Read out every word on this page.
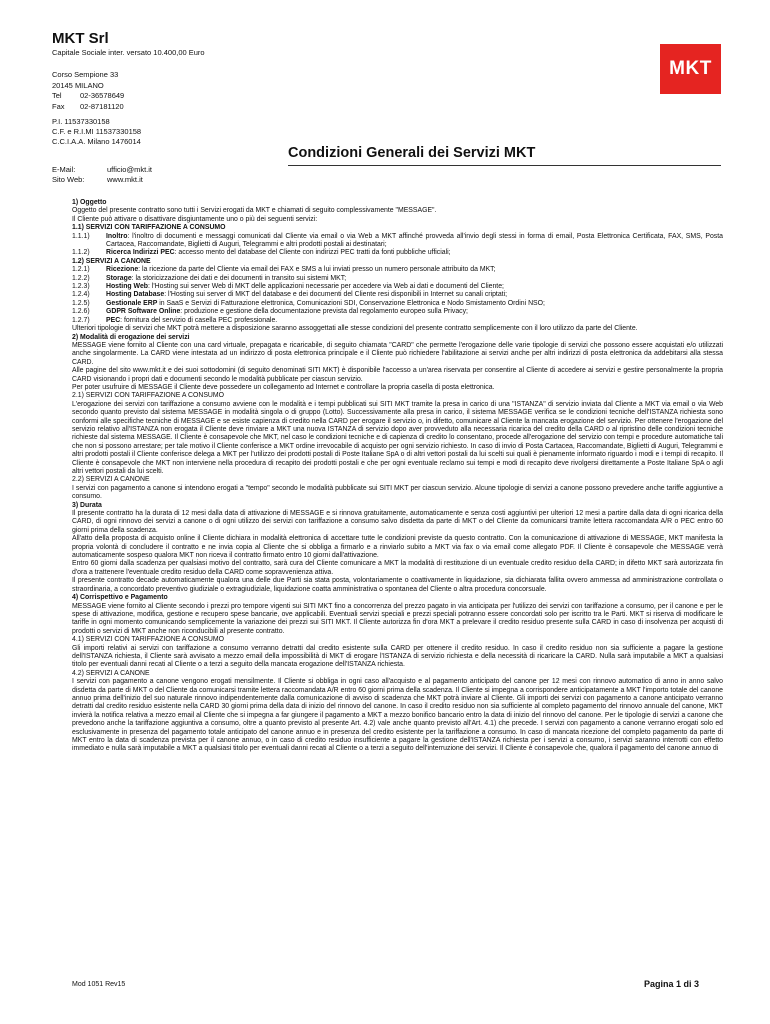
MKT Srl
Capitale Sociale inter. versato 10.400,00 Euro
Corso Sempione 33
20145 MILANO
Tel	02-36578649
Fax	02-87181120
P.I. 11537330158
C.F. e R.I.MI 11537330158
C.C.I.A.A. Milano 1476014
E-Mail:	ufficio@mkt.it
Sito Web:	www.mkt.it
MKT
Condizioni Generali dei Servizi MKT

1) Oggetto

Oggetto del presente contratto sono tutti i Servizi erogati da MKT e chiamati di seguito complessivamente "MESSAGE".

Il Cliente può attivare o disattivare disgiuntamente uno o più dei seguenti servizi:

1.1) SERVIZI CON TARIFFAZIONE A CONSUMO

1.1.1)	Inoltro: l'inoltro di documenti e messaggi comunicati dal Cliente via email o via Web a MKT affinché provveda all'invio degli stessi in forma di email, Posta Elettronica Certificata, FAX, SMS, Posta Cartacea, Raccomandate, Biglietti di Auguri, Telegrammi e altri prodotti postali ai destinatari;
1.1.2)	Ricerca Indirizzi PEC: accesso mento del database del Cliente con indirizzi PEC tratti da fonti pubbliche ufficiali;

1.2) SERVIZI A CANONE

1.2.1)	Ricezione: la ricezione da parte del Cliente via email dei FAX e SMS a lui inviati presso un numero personale attribuito da MKT;
1.2.2)	Storage: la storicizzazione dei dati e dei documenti in transito sui sistemi MKT;
1.2.3)	Hosting Web: l'Hosting sui server Web di MKT delle applicazioni necessarie per accedere via Web ai dati e documenti del Cliente;
1.2.4)	Hosting Database: l'Hosting sui server di MKT del database e dei documenti del Cliente resi disponibili in Internet su canali criptati;
1.2.5)	Gestionale ERP in SaaS e Servizi di Fatturazione elettronica, Comunicazioni SDI, Conservazione Elettronica e Nodo Smistamento Ordini NSO;
1.2.6)	GDPR Software Online: produzione e gestione della documentazione prevista dal regolamento europeo sulla Privacy;
1.2.7)	PEC: fornitura del servizio di casella PEC professionale.

Ulteriori tipologie di servizi che MKT potrà mettere a disposizione saranno assoggettati alle stesse condizioni del presente contratto semplicemente con il loro utilizzo da parte del Cliente.

2) Modalità di erogazione dei servizi

MESSAGE viene fornito al Cliente con una card virtuale, prepagata e ricaricabile, di seguito chiamata "CARD" che permette l'erogazione delle varie tipologie di servizi che possono essere acquistati e/o utilizzati anche singolarmente. La CARD viene intestata ad un indirizzo di posta elettronica principale e il Cliente può richiedere l'abilitazione ai servizi anche per altri indirizzi di posta elettronica da addebitarsi alla stessa CARD.

Alle pagine del sito www.mkt.it e dei suoi sottodomini (di seguito denominati SITI MKT) è disponibile l'accesso a un'area riservata per consentire al Cliente di accedere ai servizi e gestire personalmente la propria CARD visionando i propri dati e documenti secondo le modalità pubblicate per ciascun servizio.

Per poter usufruire di MESSAGE il Cliente deve possedere un collegamento ad Internet e controllare la propria casella di posta elettronica.

2.1) SERVIZI CON TARIFFAZIONE A CONSUMO

L'erogazione dei servizi con tariffazione a consumo avviene con le modalità e i tempi pubblicati sui SITI MKT tramite la presa in carico di una "ISTANZA" di servizio inviata dal Cliente a MKT via email o via Web secondo quanto previsto dal sistema MESSAGE in modalità singola o di gruppo (Lotto). Successivamente alla presa in carico, il sistema MESSAGE verifica se le condizioni tecniche dell'ISTANZA richiesta sono conformi alle specifiche tecniche di MESSAGE e se esiste capienza di credito nella CARD per erogare il servizio o, in difetto, comunicare al Cliente la mancata erogazione del servizio. Per ottenere l'erogazione del servizio relativo all'ISTANZA non erogata il Cliente deve rinviare a MKT una nuova ISTANZA di servizio dopo aver provveduto alla necessaria ricarica del credito della CARD o al ripristino delle condizioni tecniche richieste dal sistema MESSAGE. Il Cliente è consapevole che MKT, nel caso le condizioni tecniche e di capienza di credito lo consentano, procede all'erogazione del servizio con tempi e procedure automatiche tali che non si possono arrestare; per tale motivo il Cliente conferisce a MKT ordine irrevocabile di acquisto per ogni servizio richiesto. In caso di invio di Posta Cartacea, Raccomandate, Biglietti di Auguri, Telegrammi e altri prodotti postali il Cliente conferisce delega a MKT per l'utilizzo dei prodotti postali di Poste Italiane SpA o di altri vettori postali da lui scelti sui quali è pienamente informato riguardo i modi e i tempi di recapito. Il Cliente è consapevole che MKT non interviene nella procedura di recapito dei prodotti postali e che per ogni eventuale reclamo sui tempi e modi di recapito deve rivolgersi direttamente a Poste Italiane SpA o agli altri vettori postali da lui scelti.

2.2) SERVIZI A CANONE

I servizi con pagamento a canone si intendono erogati a "tempo" secondo le modalità pubblicate sui SITI MKT per ciascun servizio. Alcune tipologie di servizi a canone possono prevedere anche tariffe aggiuntive a consumo.

3) Durata

Il presente contratto ha la durata di 12 mesi dalla data di attivazione di MESSAGE e si rinnova gratuitamente, automaticamente e senza costi aggiuntivi per ulteriori 12 mesi a partire dalla data di ogni ricarica della CARD, di ogni rinnovo dei servizi a canone o di ogni utilizzo dei servizi con tariffazione a consumo salvo disdetta da parte di MKT o del Cliente da comunicarsi tramite lettera raccomandata A/R o PEC entro 60 giorni prima della scadenza.

All'atto della proposta di acquisto online il Cliente dichiara in modalità elettronica di accettare tutte le condizioni previste da questo contratto. Con la comunicazione di attivazione di MESSAGE, MKT manifesta la propria volontà di concludere il contratto e ne invia copia al Cliente che si obbliga a firmarlo e a rinviarlo subito a MKT via fax o via email come allegato PDF. Il Cliente è consapevole che MESSAGE verrà automaticamente sospeso qualora MKT non riceva il contratto firmato entro 10 giorni dall'attivazione.

Entro 60 giorni dalla scadenza per qualsiasi motivo del contratto, sarà cura del Cliente comunicare a MKT la modalità di restituzione di un eventuale credito residuo della CARD; in difetto MKT sarà autorizzata fin d'ora a trattenere l'eventuale credito residuo della CARD come sopravvenienza attiva.

Il presente contratto decade automaticamente qualora una delle due Parti sia stata posta, volontariamente o coattivamente in liquidazione, sia dichiarata fallita ovvero ammessa ad amministrazione controllata o straordinaria, a concordato preventivo giudiziale o extragiudiziale, liquidazione coatta amministrativa o spontanea del Cliente o altra procedura concorsuale.

4) Corrispettivo e Pagamento

MESSAGE viene fornito al Cliente secondo i prezzi pro tempore vigenti sui SITI MKT fino a concorrenza del prezzo pagato in via anticipata per l'utilizzo dei servizi con tariffazione a consumo, per il canone e per le spese di attivazione, modifica, gestione e recupero spese bancarie, ove applicabili. Eventuali servizi speciali e prezzi speciali potranno essere concordati solo per iscritto tra le Parti. MKT si riserva di modificare le tariffe in ogni momento comunicando semplicemente la variazione dei prezzi sui SITI MKT. Il Cliente autorizza fin d'ora MKT a prelevare il credito residuo presente sulla CARD in caso di insolvenza per acquisti di prodotti o servizi di MKT anche non riconducibili al presente contratto.

4.1) SERVIZI CON TARIFFAZIONE A CONSUMO

Gli importi relativi ai servizi con tariffazione a consumo verranno detratti dal credito esistente sulla CARD per ottenere il credito residuo. In caso il credito residuo non sia sufficiente a pagare la gestione dell'ISTANZA richiesta, il Cliente sarà avvisato a mezzo email della impossibilità di MKT di erogare l'ISTANZA di servizio richiesta e della necessità di ricaricare la CARD. Nulla sarà imputabile a MKT a qualsiasi titolo per eventuali danni recati al Cliente o a terzi a seguito della mancata erogazione dell'ISTANZA richiesta.

4.2) SERVIZI A CANONE

I servizi con pagamento a canone vengono erogati mensilmente. Il Cliente si obbliga in ogni caso all'acquisto e al pagamento anticipato del canone per 12 mesi con rinnovo automatico di anno in anno salvo disdetta da parte di MKT o del Cliente da comunicarsi tramite lettera raccomandata A/R entro 60 giorni prima della scadenza. Il Cliente si impegna a corrispondere anticipatamente a MKT l'importo totale del canone annuo prima dell'inizio del suo naturale rinnovo indipendentemente dalla comunicazione di avviso di scadenza che MKT potrà inviare al Cliente. Gli importi dei servizi con pagamento a canone anticipato verranno detratti dal credito residuo esistente nella CARD 30 giorni prima della data di inizio del rinnovo del canone. In caso il credito residuo non sia sufficiente al completo pagamento del rinnovo annuale del canone, MKT invierà la notifica relativa a mezzo email al Cliente che si impegna a far giungere il pagamento a MKT a mezzo bonifico bancario entro la data di inizio del rinnovo del canone. Per le tipologie di servizi a canone che prevedono anche la tariffazione aggiuntiva a consumo, oltre a quanto previsto al presente Art. 4.2) vale anche quanto previsto all'Art. 4.1) che precede. I servizi con pagamento a canone verranno erogati solo ed esclusivamente in presenza del pagamento totale anticipato del canone annuo e in presenza del credito esistente per la tariffazione a consumo. In caso di mancata ricezione del completo pagamento da parte di MKT entro la data di scadenza prevista per il canone annuo, o in caso di credito residuo insufficiente a pagare la gestione dell'ISTANZA richiesta per i servizi a consumo, i servizi saranno interrotti con effetto immediato e nulla sarà imputabile a MKT a qualsiasi titolo per eventuali danni recati al Cliente o a terzi a seguito dell'interruzione dei servizi. Il Cliente è consapevole che, qualora il pagamento del canone annuo di

Mod 1051 Rev15	Pagina 1 di 3
